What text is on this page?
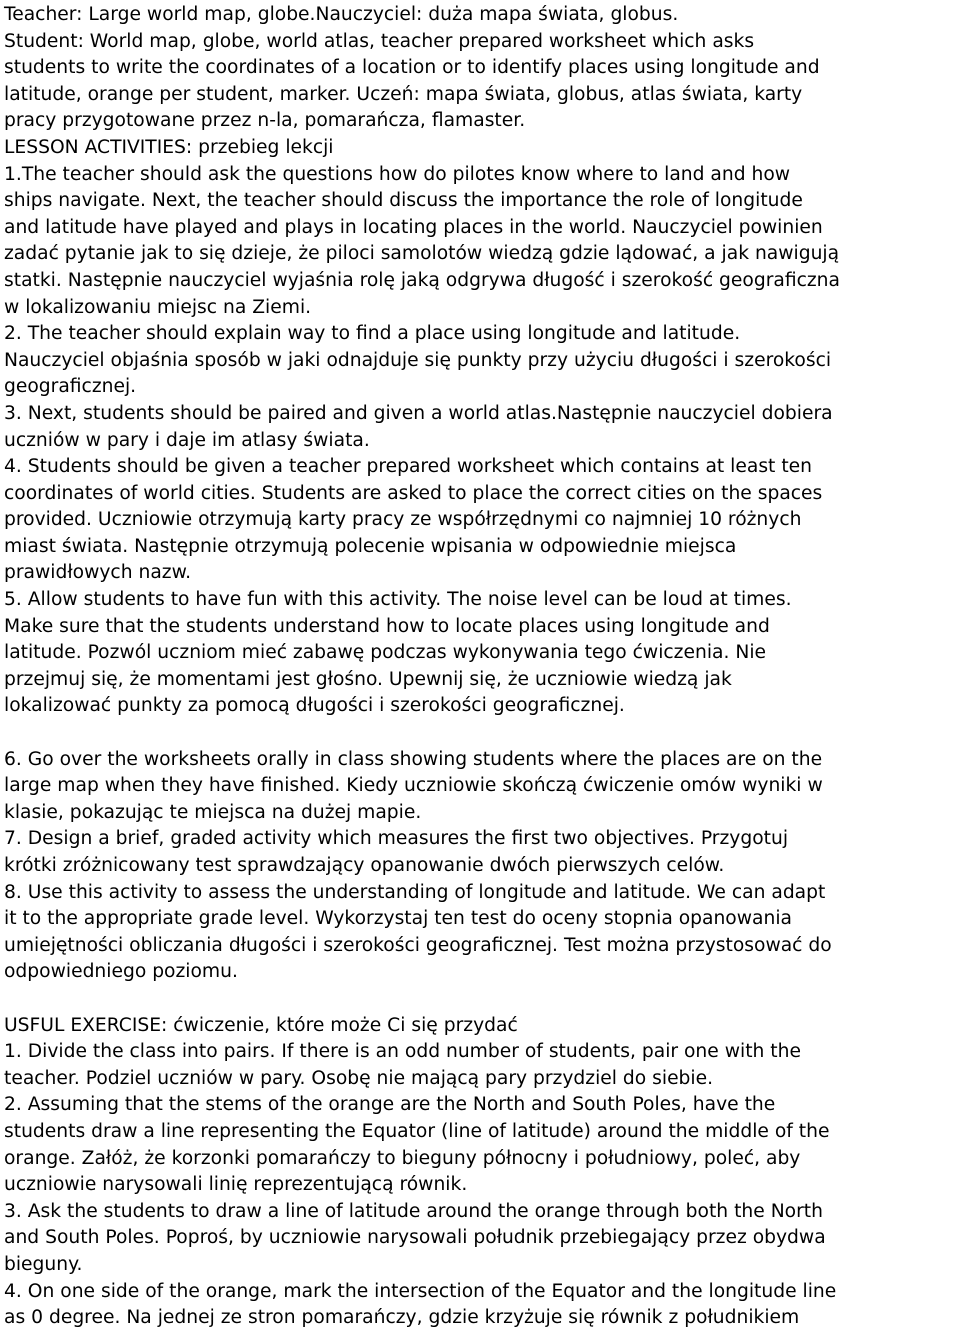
Teacher: Large world map, globe.Nauczyciel: duża mapa świata, globus.
Student: World map, globe, world atlas, teacher prepared worksheet which asks
students to write the coordinates of a location or to identify places using longitude and
latitude, orange per student, marker. Uczeń: mapa świata, globus, atlas świata, karty
pracy przygotowane przez n-la, pomarańcza, flamaster.
LESSON ACTIVITIES: przebieg lekcji
1.The teacher should ask the questions how do pilotes know where to land and how
ships navigate. Next, the teacher should discuss the importance the role of longitude
and latitude have played and plays in locating places in the world. Nauczyciel powinien
zadać pytanie jak to się dzieje, że piloci samolotów wiedzą gdzie lądować, a jak nawigują
statki. Następnie nauczyciel wyjaśnia rolę jaką odgrywa długość i szerokość geograficzna
w lokalizowaniu miejsc na Ziemi.
2. The teacher should explain way to find a place using longitude and latitude.
Nauczyciel objaśnia sposób w jaki odnajduje się punkty przy użyciu długości i szerokości
geograficznej.
3. Next, students should be paired and given a world atlas.Następnie nauczyciel dobiera
uczniów w pary i daje im atlasy świata.
4. Students should be given a teacher prepared worksheet which contains at least ten
coordinates of world cities. Students are asked to place the correct cities on the spaces
provided. Uczniowie otrzymują karty pracy ze współrzędnymi co najmniej 10 różnych
miast świata. Następnie otrzymują polecenie wpisania w odpowiednie miejsca
prawidłowych nazw.
5. Allow students to have fun with this activity. The noise level can be loud at times.
Make sure that the students understand how to locate places using longitude and
latitude. Pozwól uczniom mieć zabawę podczas wykonywania tego ćwiczenia. Nie
przejmuj się, że momentami jest głośno. Upewnij się, że uczniowie wiedzą jak
lokalizować punkty za pomocą długości i szerokości geograficznej.
6. Go over the worksheets orally in class showing students where the places are on the
large map when they have finished. Kiedy uczniowie skończą ćwiczenie omów wyniki w
klasie, pokazując te miejsca na dużej mapie.
7. Design a brief, graded activity which measures the first two objectives. Przygotuj
krótki zróżnicowany test sprawdzający opanowanie dwóch pierwszych celów.
8. Use this activity to assess the understanding of longitude and latitude. We can adapt
it to the appropriate grade level. Wykorzystaj ten test do oceny stopnia opanowania
umiejętności obliczania długości i szerokości geograficznej. Test można przystosować do
odpowiedniego poziomu.
USFUL EXERCISE: ćwiczenie, które może Ci się przydać
1. Divide the class into pairs. If there is an odd number of students, pair one with the
teacher. Podziel uczniów w pary. Osobę nie mającą pary przydziel do siebie.
2. Assuming that the stems of the orange are the North and South Poles, have the
students draw a line representing the Equator (line of latitude) around the middle of the
orange. Załóż, że korzonki pomarańczy to bieguny północny i południowy, poleć, aby
uczniowie narysowali linię reprezentującą równik.
3. Ask the students to draw a line of latitude around the orange through both the North
and South Poles. Poproś, by uczniowie narysowali południk przebiegający przez obydwa
bieguny.
4. On one side of the orange, mark the intersection of the Equator and the longitude line
as 0 degree. Na jednej ze stron pomarańczy, gdzie krzyżuje się równik z południkiem
